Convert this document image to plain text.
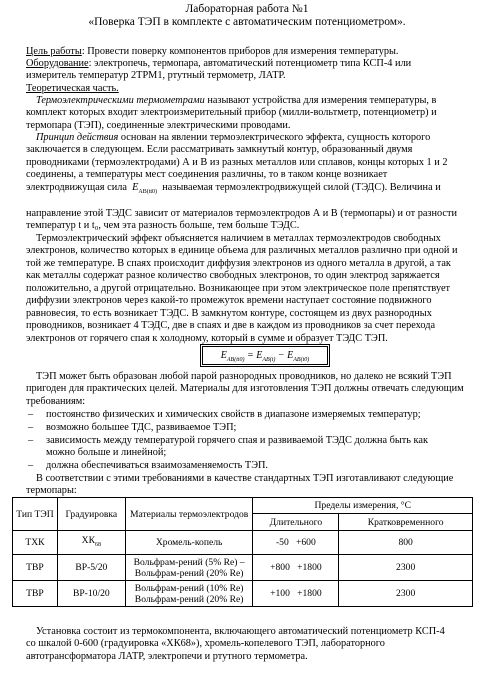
Лабораторная работа №1
«Поверка ТЭП в комплекте с автоматическим потенциометром».
Цель работы: Провести поверку компонентов приборов для измерения температуры.
Оборудование: электропечь, термопара, автоматический потенциометр типа КСП-4 или
измеритель температур 2ТРМ1, ртутный термометр, ЛАТР.
Теоретическая часть.
Термоэлектрическими термометрами называют устройства для измерения температуры, в
комплект которых входит электроизмерительный прибор (милли-вольтметр, потенциометр) и
термопара (ТЭП), соединенные электрическими проводами.
Принцип действия основан на явлении термоэлектрического эффекта, сущность которого
заключается в следующем. Если рассматривать замкнутый контур, образованный двумя
проводниками (термоэлектродами) А и В из разных металлов или сплавов, концы которых 1 и 2
соединены, а температуры мест соединения различны, то в таком конце возникает
электродвижущая сила $E_{AB(tt0)}$ называемая термоэлектродвижущей силой (ТЭДС). Величина и
направление этой ТЭДС зависит от материалов термоэлектродов А и В (термопары) и от разности
температур t и t₀, чем эта разность больше, тем больше ТЭДС.
Термоэлектрический эффект объясняется наличием в металлах термоэлектродов свободных
электронов, количество которых в единице объема для различных металлов различно при одной и
той же температуре. В спаях происходит диффузия электронов из одного металла в другой, а так
как металлы содержат разное количество свободных электронов, то один электрод заряжается
положительно, а другой отрицательно. Возникающее при этом электрическое поле препятствует
диффузии электронов через какой-то промежуток времени наступает состояние подвижного
равновесия, то есть возникает ТЭДС. В замкнутом контуре, состоящем из двух разнородных
проводников, возникает 4 ТЭДС, две в спаях и две в каждом из проводников за счет перехода
электронов от горячего спая к холодному, который в сумме и образует ТЭДС ТЭП.
$E_{AB(tt0)} = E_{AB(t)} - E_{AB(t0)}$
ТЭП может быть образован любой парой разнородных проводников, но далеко не всякий ТЭП
пригоден для практических целей. Материалы для изготовления ТЭП должны отвечать следующим
требованиям:
– постоянство физических и химических свойств в диапазоне измеряемых температур;
– возможно большее ТДС, развиваемое ТЭП;
– зависимость между температурой горячего спая и развиваемой ТЭДС должна быть как
можно больше и линейной;
– должна обеспечиваться взаимозаменяемость ТЭП.
В соответствии с этими требованиями в качестве стандартных ТЭП изготавливают следующие
термопары:
Тип ТЭП	Градуировка	Материалы термоэлектродов	Пределы измерения, °С	
			Длительного	Кратковременного
ТХК	$ХК_{68}$	Хромель-копель	-50   +600	800
ТВР	ВР-5/20	Вольфрам-рений (5% Re) –
Вольфрам-рений (20% Re)	+800   +1800	2300
ТВР	ВР-10/20	Вольфрам-рений (10% Re)
Вольфрам-рений (20% Re)	+100   +1800	2300
Установка состоит из термокомпонента, включающего автоматический потенциометр КСП-4
со шкалой 0-600 (градуировка «ХК68»), хромель-копелевого ТЭП, лабораторного
автотрансформатора ЛАТР, электропечи и ртутного термометра.
